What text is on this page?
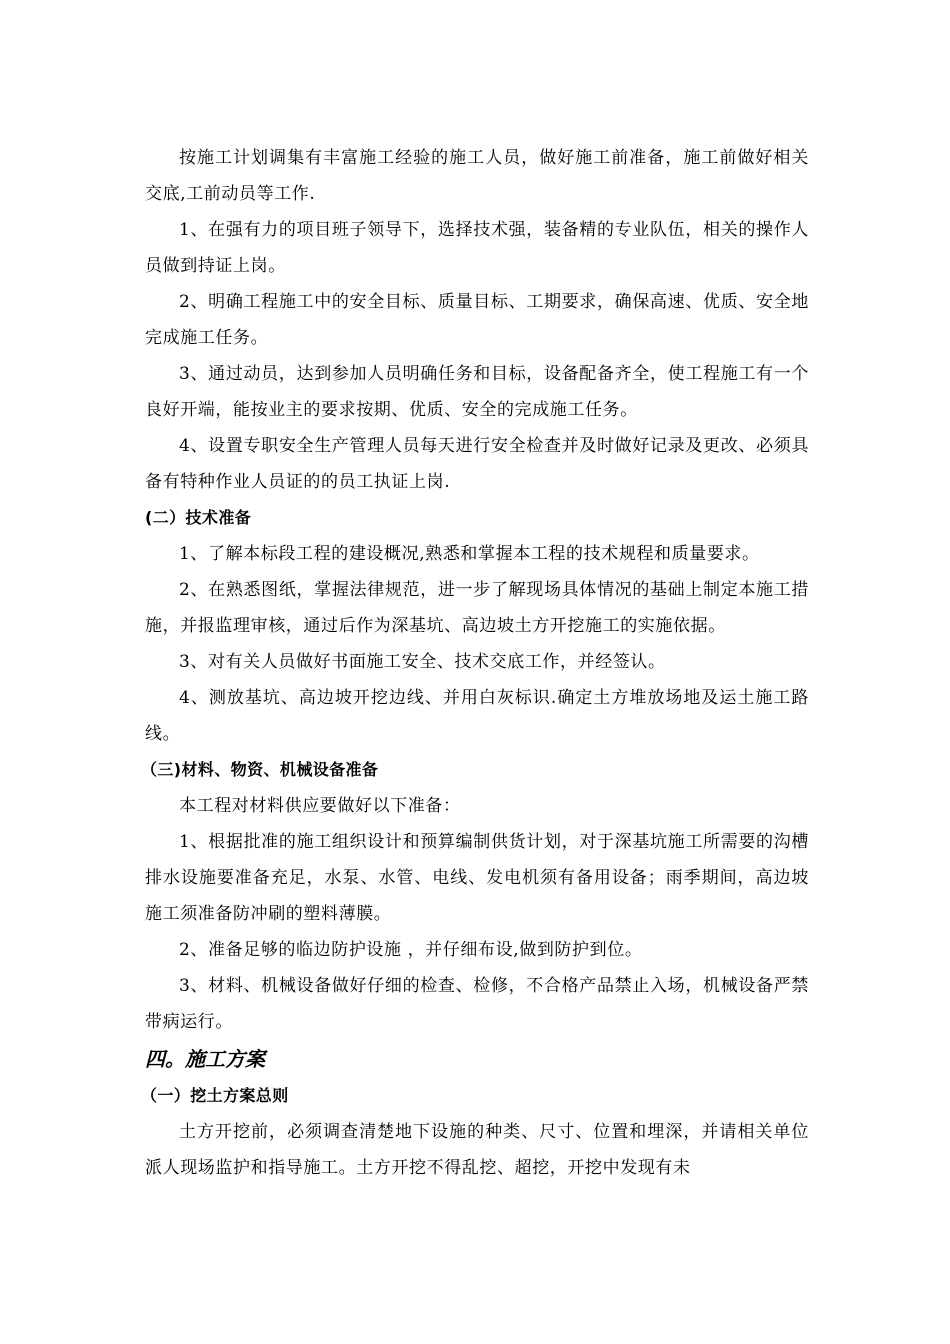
按施工计划调集有丰富施工经验的施工人员，做好施工前准备，施工前做好相关交底,工前动员等工作.

1、在强有力的项目班子领导下，选择技术强，装备精的专业队伍，相关的操作人员做到持证上岗。

2、明确工程施工中的安全目标、质量目标、工期要求，确保高速、优质、安全地完成施工任务。

3、通过动员，达到参加人员明确任务和目标，设备配备齐全，使工程施工有一个良好开端，能按业主的要求按期、优质、安全的完成施工任务。

4、设置专职安全生产管理人员每天进行安全检查并及时做好记录及更改、必须具备有特种作业人员证的的员工执证上岗.

(二）技术准备

1、了解本标段工程的建设概况,熟悉和掌握本工程的技术规程和质量要求。

2、在熟悉图纸，掌握法律规范，进一步了解现场具体情况的基础上制定本施工措施，并报监理审核，通过后作为深基坑、高边坡土方开挖施工的实施依据。

3、对有关人员做好书面施工安全、技术交底工作，并经签认。

4、测放基坑、高边坡开挖边线、并用白灰标识.确定土方堆放场地及运土施工路线。

（三)材料、物资、机械设备准备

本工程对材料供应要做好以下准备：

1、根据批准的施工组织设计和预算编制供货计划，对于深基坑施工所需要的沟槽排水设施要准备充足，水泵、水管、电线、发电机须有备用设备；雨季期间，高边坡施工须准备防冲刷的塑料薄膜。

2、准备足够的临边防护设施 ，并仔细布设,做到防护到位。

3、材料、机械设备做好仔细的检查、检修，不合格产品禁止入场，机械设备严禁带病运行。

四。施工方案

（一）挖土方案总则

土方开挖前，必须调查清楚地下设施的种类、尺寸、位置和埋深，并请相关单位派人现场监护和指导施工。土方开挖不得乱挖、超挖，开挖中发现有未
